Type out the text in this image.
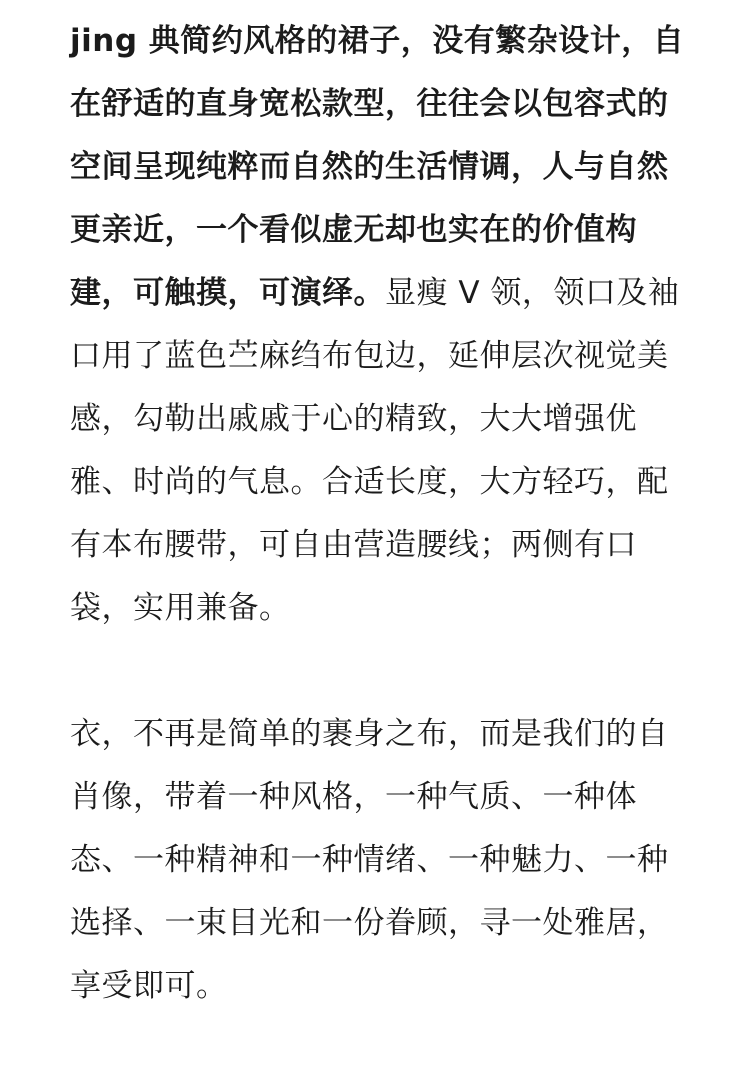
jing 典简约风格的裙子，没有繁杂设计，自在舒适的直身宽松款型，往往会以包容式的空间呈现纯粹而自然的生活情调，人与自然更亲近，一个看似虚无却也实在的价值构建，可触摸，可演绎。显瘦 V 领，领口及袖口用了蓝色苎麻绉布包边，延伸层次视觉美感，勾勒出戚戚于心的精致，大大增强优雅、时尚的气息。合适长度，大方轻巧，配有本布腰带，可自由营造腰线；两侧有口袋，实用兼备。

衣，不再是简单的裹身之布，而是我们的自肖像，带着一种风格，一种气质、一种体态、一种精神和一种情绪、一种魅力、一种选择、一束目光和一份眷顾，寻一处雅居，享受即可。
